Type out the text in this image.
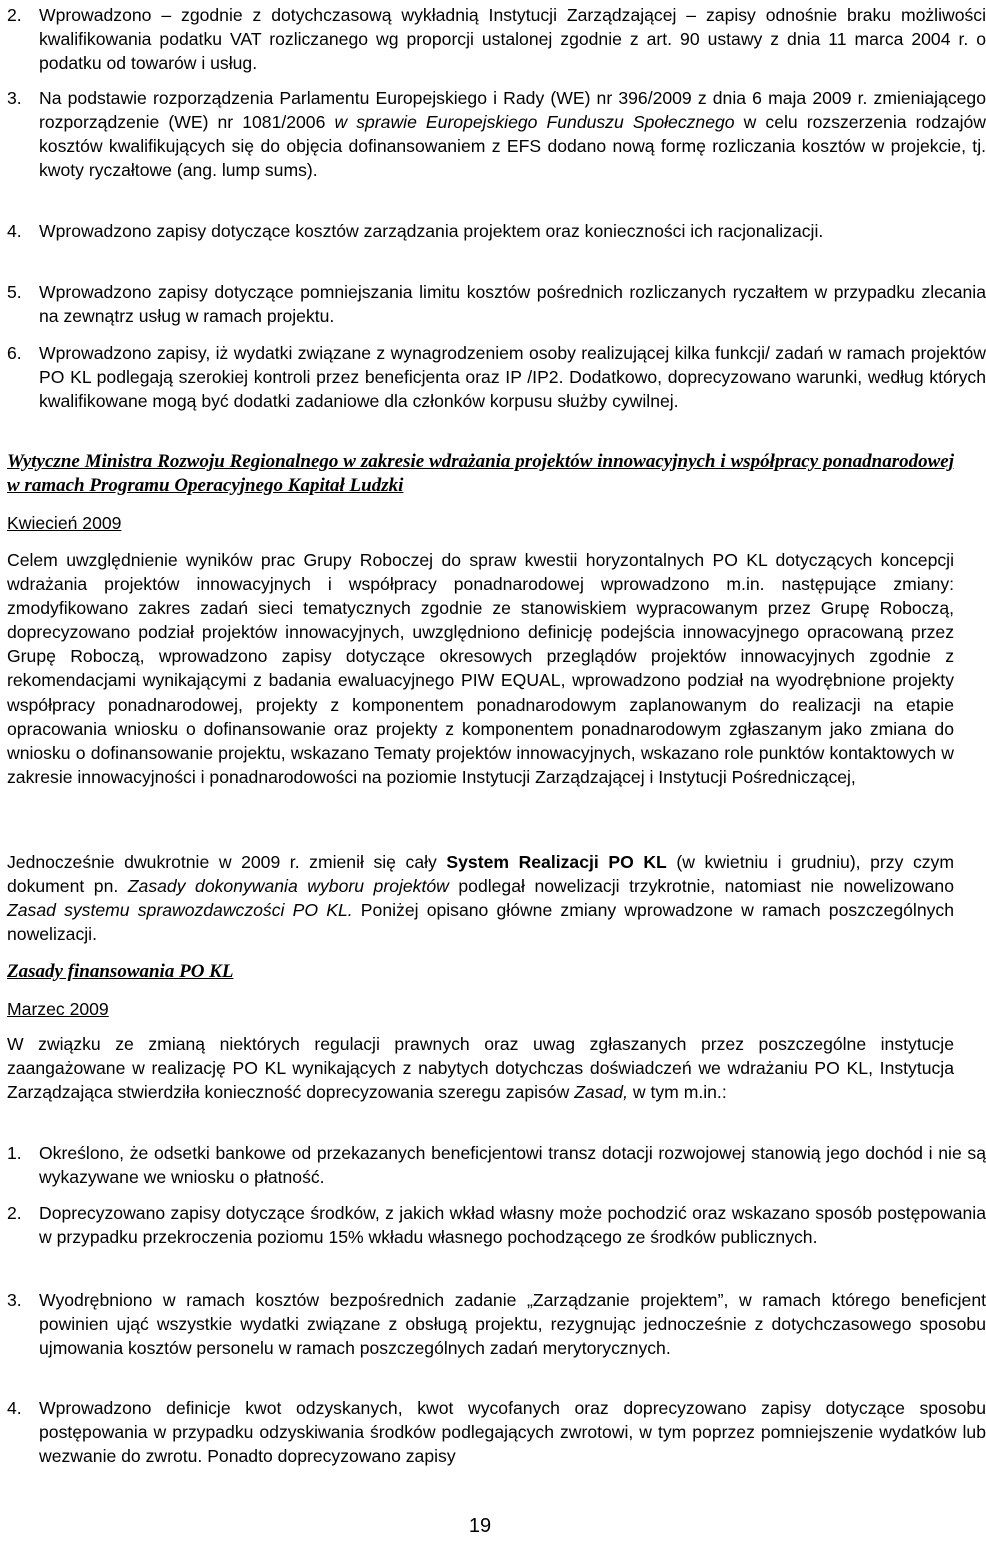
2. Wprowadzono – zgodnie z dotychczasową wykładnią Instytucji Zarządzającej – zapisy odnośnie braku możliwości kwalifikowania podatku VAT rozliczanego wg proporcji ustalonej zgodnie z art. 90 ustawy z dnia 11 marca 2004 r. o podatku od towarów i usług.

3. Na podstawie rozporządzenia Parlamentu Europejskiego i Rady (WE) nr 396/2009 z dnia 6 maja 2009 r. zmieniającego rozporządzenie (WE) nr 1081/2006 w sprawie Europejskiego Funduszu Społecznego w celu rozszerzenia rodzajów kosztów kwalifikujących się do objęcia dofinansowaniem z EFS dodano nową formę rozliczania kosztów w projekcie, tj. kwoty ryczałtowe (ang. lump sums).

4. Wprowadzono zapisy dotyczące kosztów zarządzania projektem oraz konieczności ich racjonalizacji.

5. Wprowadzono zapisy dotyczące pomniejszania limitu kosztów pośrednich rozliczanych ryczałtem w przypadku zlecania na zewnątrz usług w ramach projektu.

6. Wprowadzono zapisy, iż wydatki związane z wynagrodzeniem osoby realizującej kilka funkcji/ zadań w ramach projektów PO KL podlegają szerokiej kontroli przez beneficjenta oraz IP /IP2. Dodatkowo, doprecyzowano warunki, według których kwalifikowane mogą być dodatki zadaniowe dla członków korpusu służby cywilnej.

Wytyczne Ministra Rozwoju Regionalnego w zakresie wdrażania projektów innowacyjnych i współpracy ponadnarodowej w ramach Programu Operacyjnego Kapitał Ludzki
Kwiecień 2009

Celem uwzględnienie wyników prac Grupy Roboczej do spraw kwestii horyzontalnych PO KL dotyczących koncepcji wdrażania projektów innowacyjnych i współpracy ponadnarodowej wprowadzono m.in. następujące zmiany: zmodyfikowano zakres zadań sieci tematycznych zgodnie ze stanowiskiem wypracowanym przez Grupę Roboczą, doprecyzowano podział projektów innowacyjnych, uwzględniono definicję podejścia innowacyjnego opracowaną przez Grupę Roboczą, wprowadzono zapisy dotyczące okresowych przeglądów projektów innowacyjnych zgodnie z rekomendacjami wynikającymi z badania ewaluacyjnego PIW EQUAL, wprowadzono podział na wyodrębnione projekty współpracy ponadnarodowej, projekty z komponentem ponadnarodowym zaplanowanym do realizacji na etapie opracowania wniosku o dofinansowanie oraz projekty z komponentem ponadnarodowym zgłaszanym jako zmiana do wniosku o dofinansowanie projektu, wskazano Tematy projektów innowacyjnych, wskazano role punktów kontaktowych w zakresie innowacyjności i ponadnarodowości na poziomie Instytucji Zarządzającej i Instytucji Pośredniczącej,

Jednocześnie dwukrotnie w 2009 r. zmienił się cały System Realizacji PO KL (w kwietniu i grudniu), przy czym dokument pn. Zasady dokonywania wyboru projektów podlegał nowelizacji trzykrotnie, natomiast nie nowelizowano Zasad systemu sprawozdawczości PO KL. Poniżej opisano główne zmiany wprowadzone w ramach poszczególnych nowelizacji.

Zasady finansowania PO KL
Marzec 2009

W związku ze zmianą niektórych regulacji prawnych oraz uwag zgłaszanych przez poszczególne instytucje zaangażowane w realizację PO KL wynikających z nabytych dotychczas doświadczeń we wdrażaniu PO KL, Instytucja Zarządzająca stwierdziła konieczność doprecyzowania szeregu zapisów Zasad, w tym m.in.:

1. Określono, że odsetki bankowe od przekazanych beneficjentowi transz dotacji rozwojowej stanowią jego dochód i nie są wykazywane we wniosku o płatność.

2. Doprecyzowano zapisy dotyczące środków, z jakich wkład własny może pochodzić oraz wskazano sposób postępowania w przypadku przekroczenia poziomu 15% wkładu własnego pochodzącego ze środków publicznych.

3. Wyodrębniono w ramach kosztów bezpośrednich zadanie „Zarządzanie projektem”, w ramach którego beneficjent powinien ująć wszystkie wydatki związane z obsługą projektu, rezygnując jednocześnie z dotychczasowego sposobu ujmowania kosztów personelu w ramach poszczególnych zadań merytorycznych.

4. Wprowadzono definicje kwot odzyskanych, kwot wycofanych oraz doprecyzowano zapisy dotyczące sposobu postępowania w przypadku odzyskiwania środków podlegających zwrotowi, w tym poprzez pomniejszenie wydatków lub wezwanie do zwrotu. Ponadto doprecyzowano zapisy

19
